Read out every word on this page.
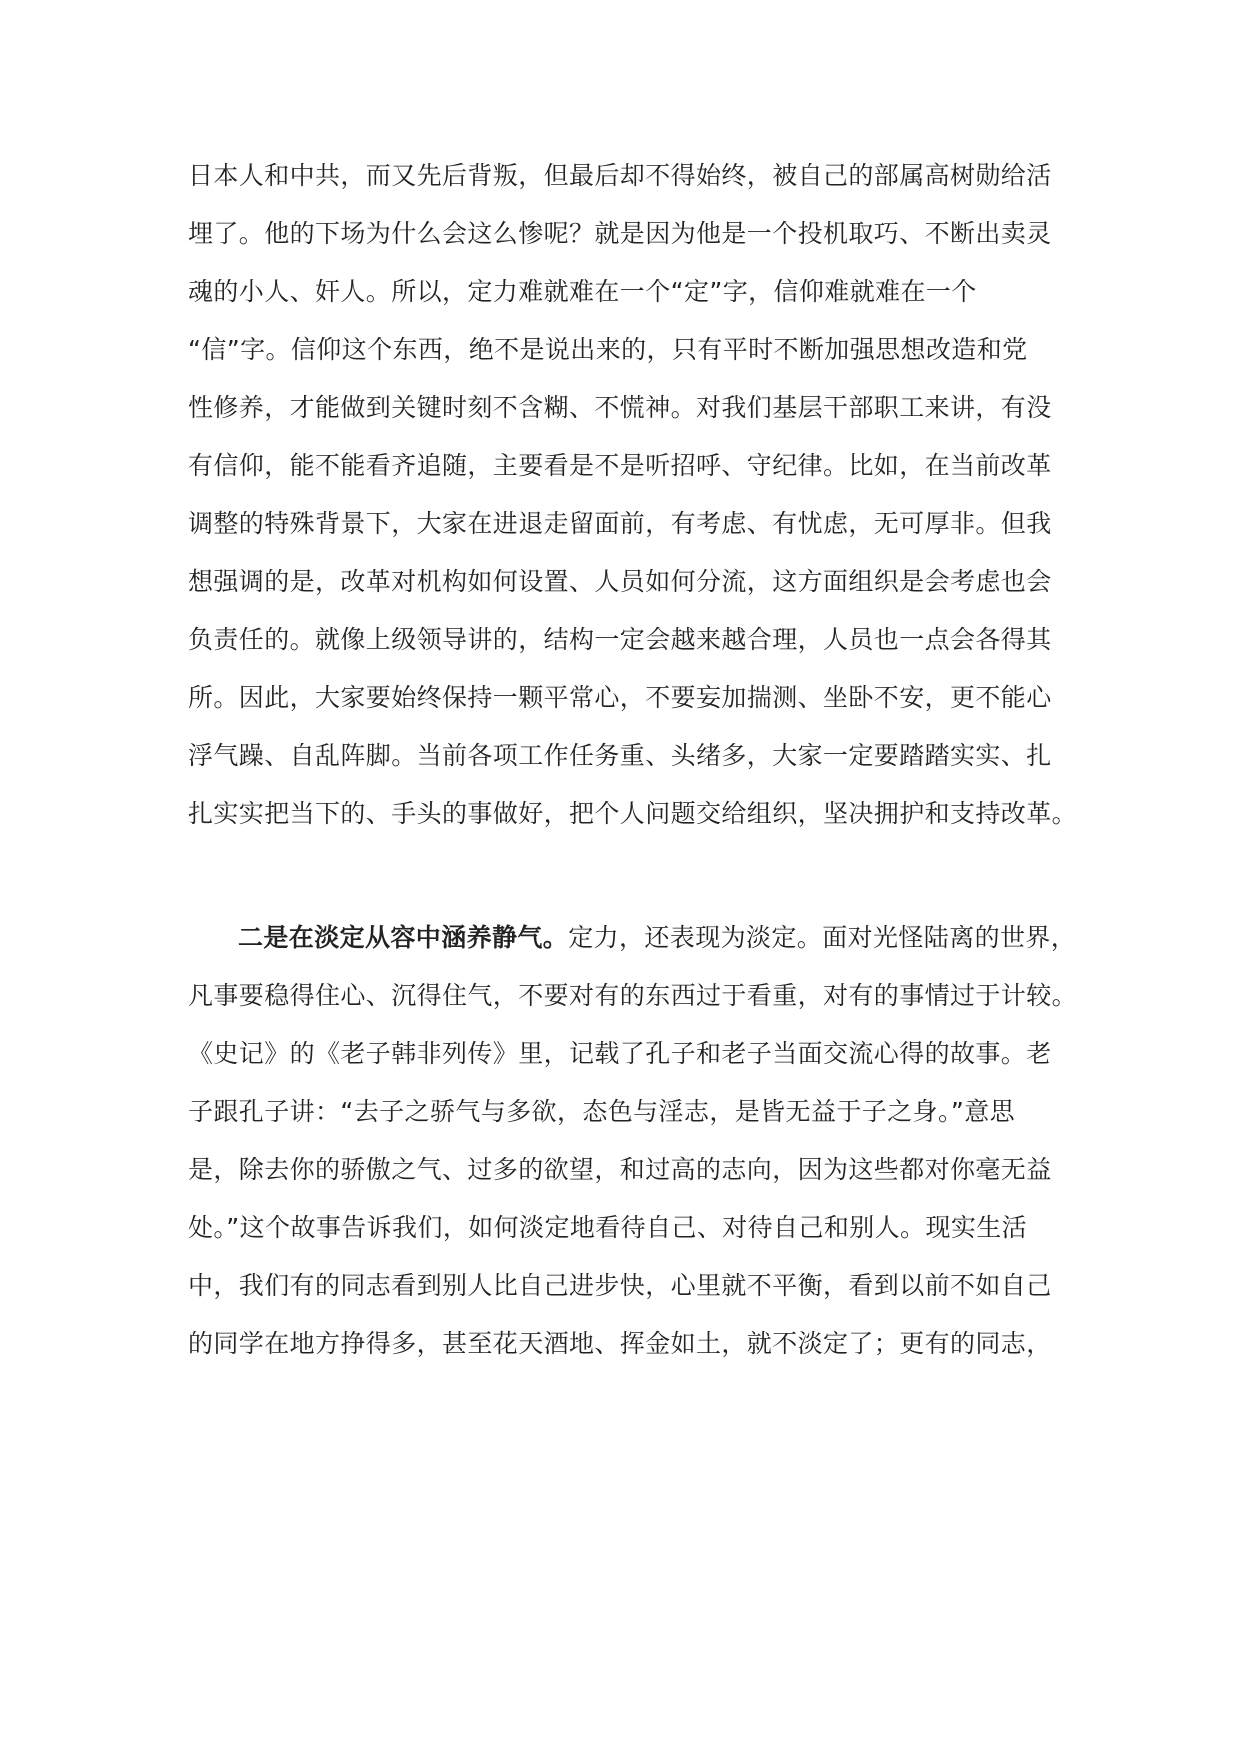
日本人和中共，而又先后背叛，但最后却不得始终，被自己的部属高树勋给活
埋了。他的下场为什么会这么惨呢？就是因为他是一个投机取巧、不断出卖灵
魂的小人、奸人。所以，定力难就难在一个“定”字，信仰难就难在一个
“信”字。信仰这个东西，绝不是说出来的，只有平时不断加强思想改造和党
性修养，才能做到关键时刻不含糊、不慌神。对我们基层干部职工来讲，有没
有信仰，能不能看齐追随，主要看是不是听招呼、守纪律。比如，在当前改革
调整的特殊背景下，大家在进退走留面前，有考虑、有忧虑，无可厚非。但我
想强调的是，改革对机构如何设置、人员如何分流，这方面组织是会考虑也会
负责任的。就像上级领导讲的，结构一定会越来越合理，人员也一点会各得其
所。因此，大家要始终保持一颗平常心，不要妄加揣测、坐卧不安，更不能心
浮气躁、自乱阵脚。当前各项工作任务重、头绪多，大家一定要踏踏实实、扎
扎实实把当下的、手头的事做好，把个人问题交给组织，坚决拥护和支持改革。
二是在淡定从容中涵养静气。定力，还表现为淡定。面对光怪陆离的世界，
凡事要稳得住心、沉得住气，不要对有的东西过于看重，对有的事情过于计较。
《史记》的《老子韩非列传》里，记载了孔子和老子当面交流心得的故事。老
子跟孔子讲：“去子之骄气与多欲，态色与淫志，是皆无益于子之身。”意思
是，除去你的骄傲之气、过多的欲望，和过高的志向，因为这些都对你毫无益
处。”这个故事告诉我们，如何淡定地看待自己、对待自己和别人。现实生活
中，我们有的同志看到别人比自己进步快，心里就不平衡，看到以前不如自己
的同学在地方挣得多，甚至花天酒地、挥金如土，就不淡定了；更有的同志，
